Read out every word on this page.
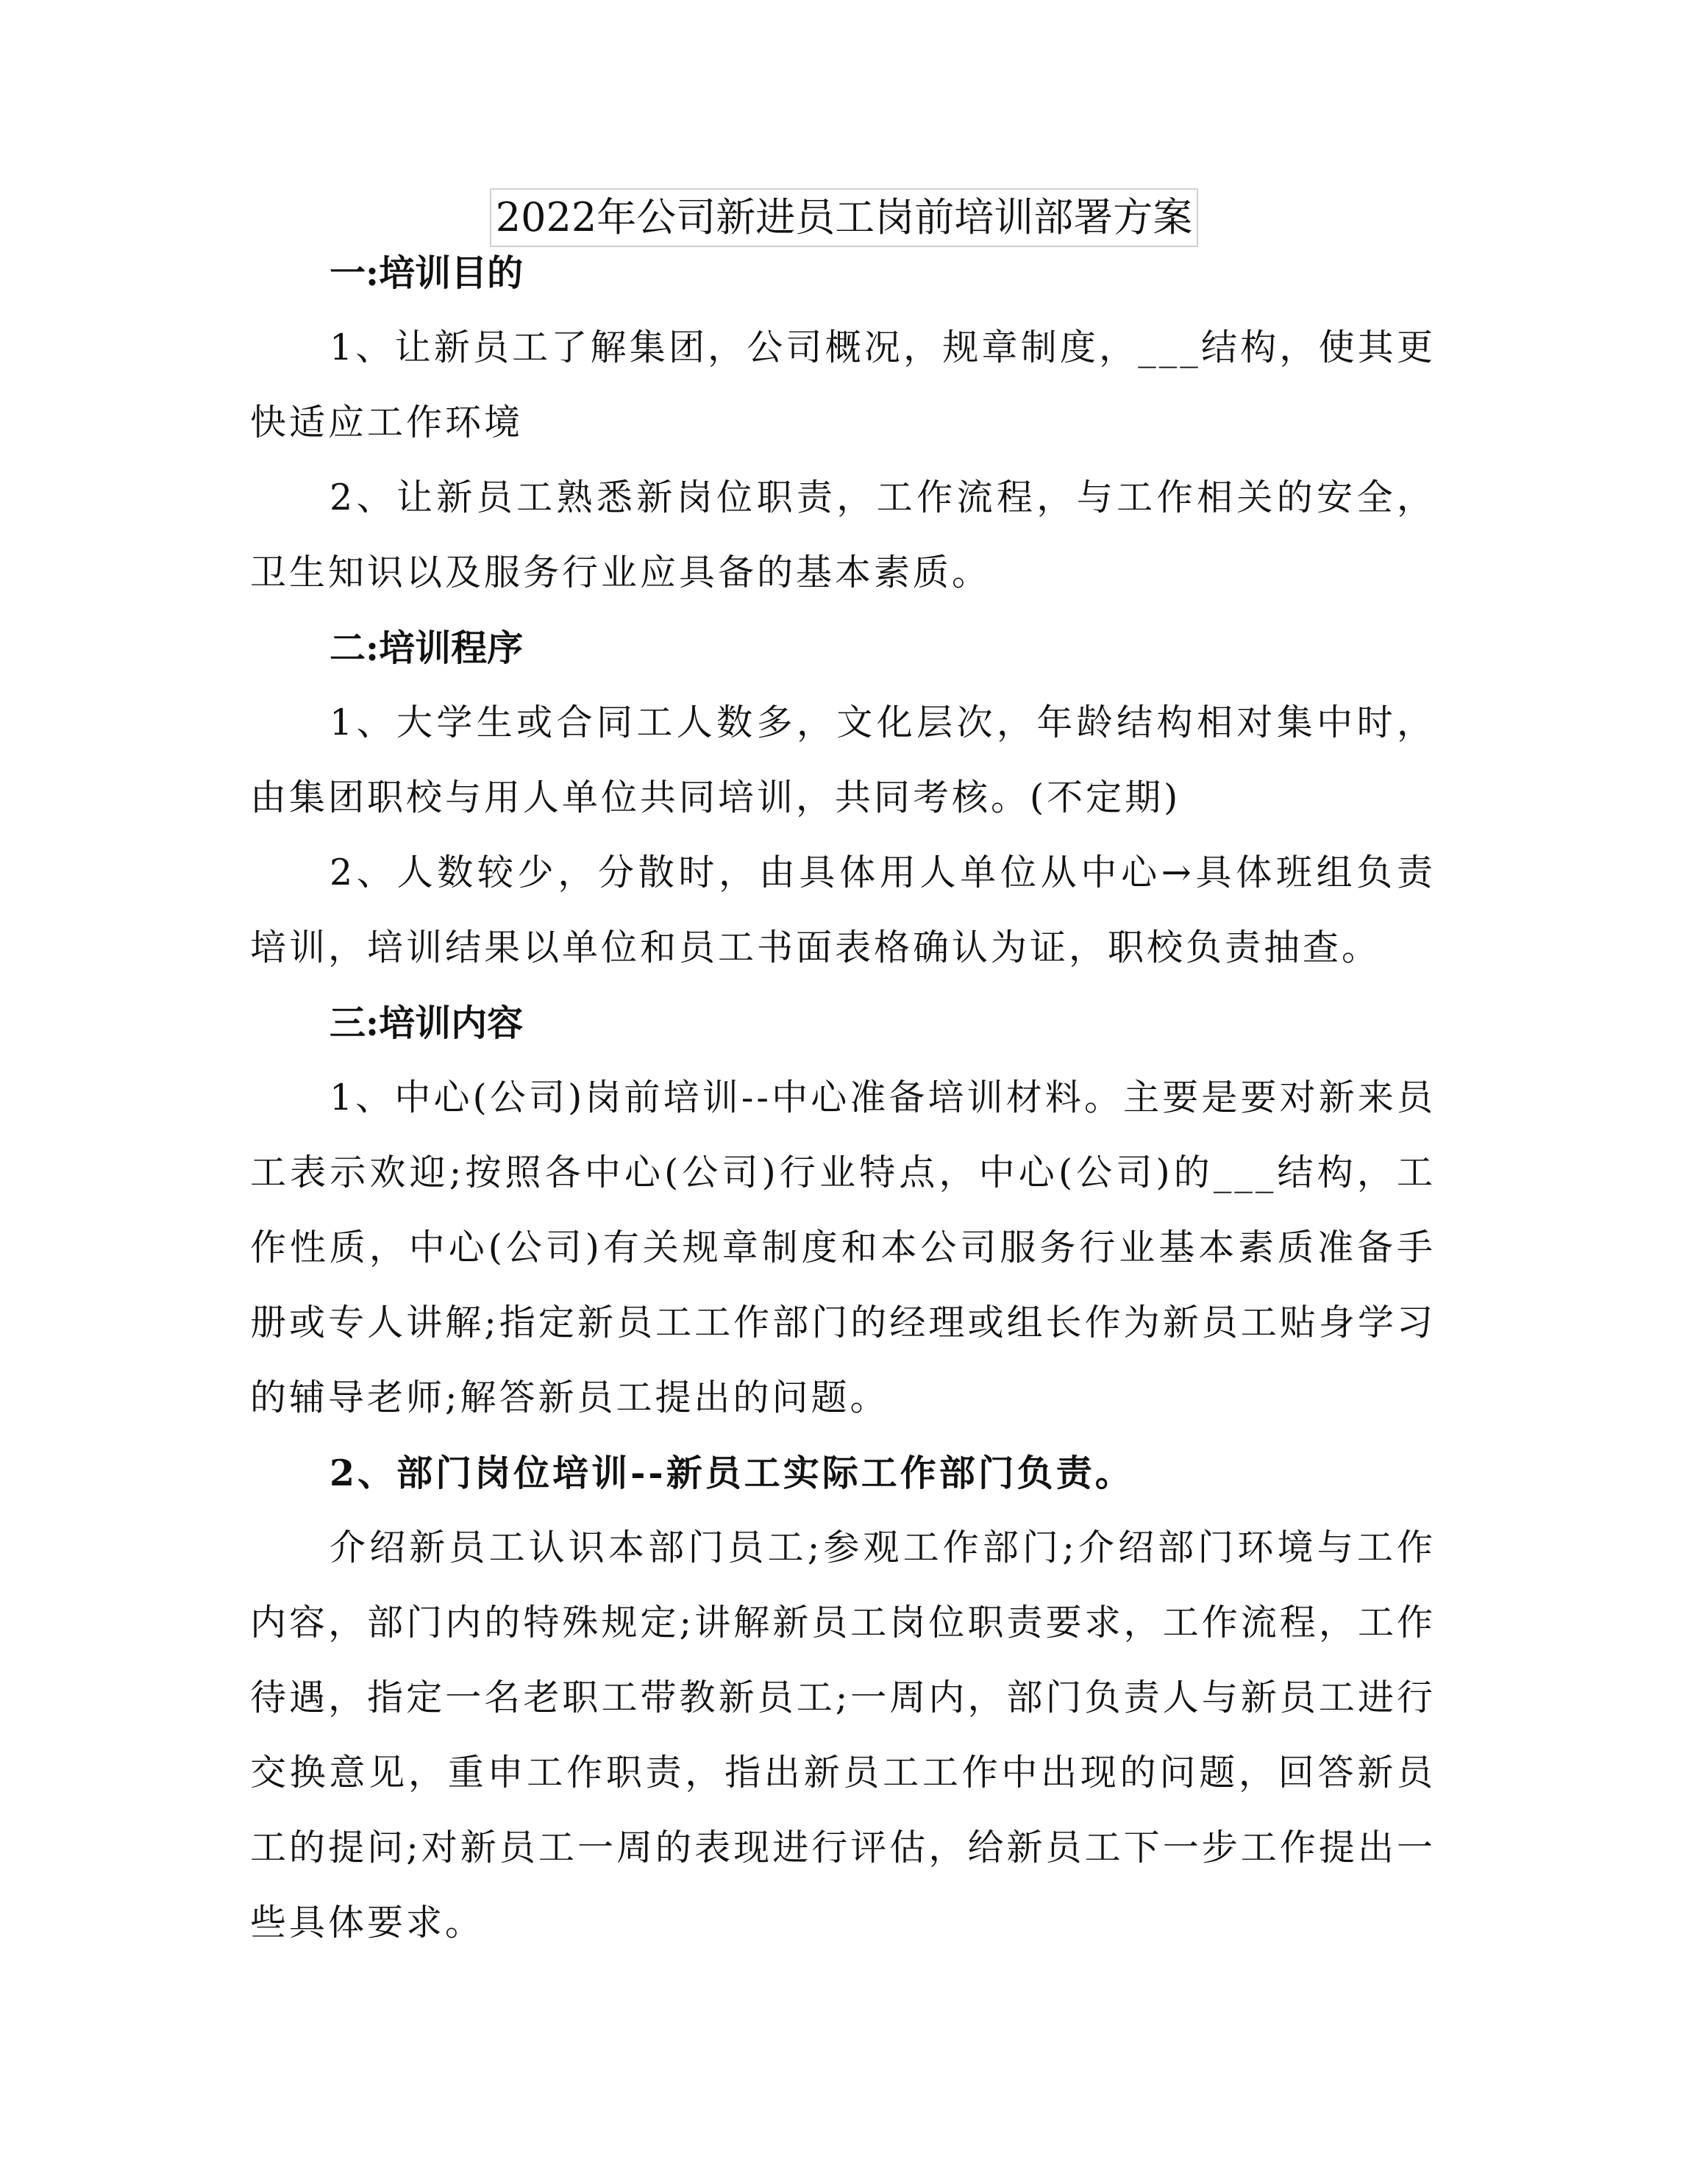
2022年公司新进员工岗前培训部署方案
一:培训目的

1、让新员工了解集团，公司概况，规章制度，___结构，使其更快适应工作环境

2、让新员工熟悉新岗位职责，工作流程，与工作相关的安全，卫生知识以及服务行业应具备的基本素质。

二:培训程序

1、大学生或合同工人数多，文化层次，年龄结构相对集中时，由集团职校与用人单位共同培训，共同考核。(不定期)

2、人数较少，分散时，由具体用人单位从中心→具体班组负责培训，培训结果以单位和员工书面表格确认为证，职校负责抽查。

三:培训内容

1、中心(公司)岗前培训--中心准备培训材料。主要是要对新来员工表示欢迎;按照各中心(公司)行业特点，中心(公司)的___结构，工作性质，中心(公司)有关规章制度和本公司服务行业基本素质准备手册或专人讲解;指定新员工工作部门的经理或组长作为新员工贴身学习的辅导老师;解答新员工提出的问题。

2、部门岗位培训--新员工实际工作部门负责。

介绍新员工认识本部门员工;参观工作部门;介绍部门环境与工作内容，部门内的特殊规定;讲解新员工岗位职责要求，工作流程，工作待遇，指定一名老职工带教新员工;一周内，部门负责人与新员工进行交换意见，重申工作职责，指出新员工工作中出现的问题，回答新员工的提问;对新员工一周的表现进行评估，给新员工下一步工作提出一些具体要求。
